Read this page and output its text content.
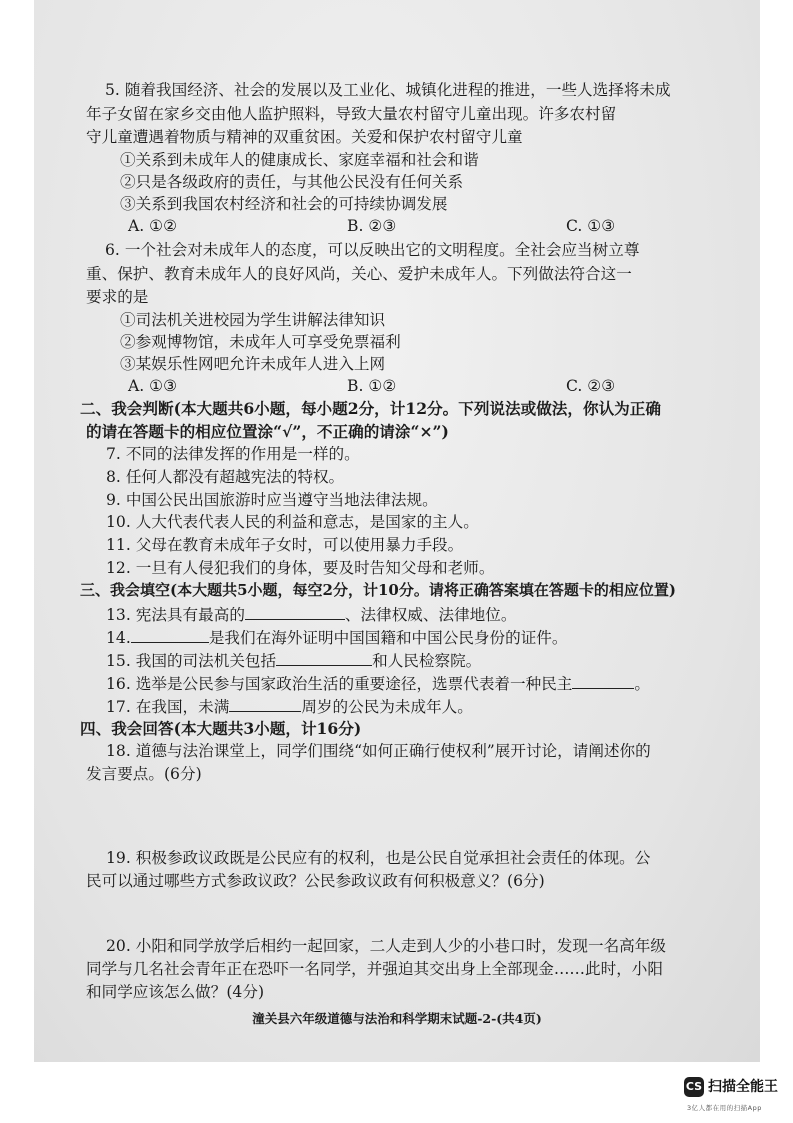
5. 随着我国经济、社会的发展以及工业化、城镇化进程的推进，一些人选择将未成
年子女留在家乡交由他人监护照料，导致大量农村留守儿童出现。许多农村留
守儿童遭遇着物质与精神的双重贫困。关爱和保护农村留守儿童
①关系到未成年人的健康成长、家庭幸福和社会和谐
②只是各级政府的责任，与其他公民没有任何关系
③关系到我国农村经济和社会的可持续协调发展
A. ①②	B. ②③	C. ①③
6. 一个社会对未成年人的态度，可以反映出它的文明程度。全社会应当树立尊
重、保护、教育未成年人的良好风尚，关心、爱护未成年人。下列做法符合这一
要求的是
①司法机关进校园为学生讲解法律知识
②参观博物馆，未成年人可享受免票福利
③某娱乐性网吧允许未成年人进入上网
A. ①③	B. ①②	C. ②③
二、我会判断(本大题共6小题，每小题2分，计12分。下列说法或做法，你认为正确
的请在答题卡的相应位置涂“√”，不正确的请涂“×”)
7. 不同的法律发挥的作用是一样的。
8. 任何人都没有超越宪法的特权。
9. 中国公民出国旅游时应当遵守当地法律法规。
10. 人大代表代表人民的利益和意志，是国家的主人。
11. 父母在教育未成年子女时，可以使用暴力手段。
12. 一旦有人侵犯我们的身体，要及时告知父母和老师。
三、我会填空(本大题共5小题，每空2分，计10分。请将正确答案填在答题卡的相应位置)
13. 宪法具有最高的	、法律权威、法律地位。
14.	是我们在海外证明中国国籍和中国公民身份的证件。
15. 我国的司法机关包括	和人民检察院。
16. 选举是公民参与国家政治生活的重要途径，选票代表着一种民主	。
17. 在我国，未满	周岁的公民为未成年人。
四、我会回答(本大题共3小题，计16分)
18. 道德与法治课堂上，同学们围绕“如何正确行使权利”展开讨论，请阐述你的
发言要点。(6分)
19. 积极参政议政既是公民应有的权利，也是公民自觉承担社会责任的体现。公
民可以通过哪些方式参政议政？公民参政议政有何积极意义？(6分)
20. 小阳和同学放学后相约一起回家，二人走到人少的小巷口时，发现一名高年级
同学与几名社会青年正在恐吓一名同学，并强迫其交出身上全部现金……此时，小阳
和同学应该怎么做？(4分)
潼关县六年级道德与法治和科学期末试题-2-(共4页)
CS 扫描全能王
3亿人都在用的扫描App
